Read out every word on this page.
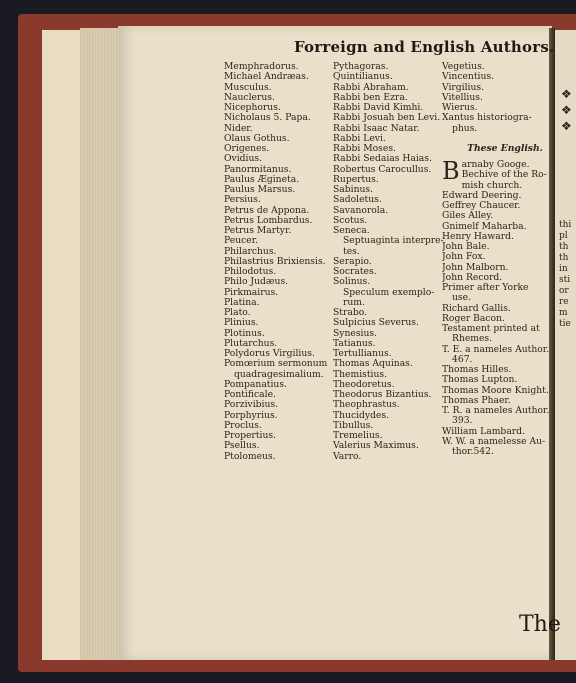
❖
❖
❖
thi
pl
th
th
in
sti
or
re
m
tie
Forreign and English Authors.
Memphradorus.
Michael Andræas.
Musculus.
Nauclerus.
Nicephorus.
Nicholaus 5. Papa.
Nider.
Olaus Gothus.
Origenes.
Ovidius.
Panormitanus.
Paulus Ægineta.
Paulus Marsus.
Persius.
Petrus de Appona.
Petrus Lombardus.
Petrus Martyr.
Peucer.
Philarchus.
Philastrius Brixiensis.
Philodotus.
Philo Judæus.
Pirkmairus.
Platina.
Plato.
Plinius.
Plotinus.
Plutarchus.
Polydorus Virgilius.
Pomœrium sermonum
quadragesimalium.
Pompanatius.
Pontificale.
Porzivibius.
Porphyrius.
Proclus.
Propertius.
Psellus.
Ptolomeus.
Pythagoras.
Quintilianus.
Rabbi Abraham.
Rabbi ben Ezra.
Rabbi David Kimhi.
Rabbi Josuah ben Levi.
Rabbi Isaac Natar.
Rabbi Levi.
Rabbi Moses.
Rabbi Sedaias Haias.
Robertus Carocullus.
Rupertus.
Sabinus.
Sadoletus.
Savanorola.
Scotus.
Seneca.
Septuaginta interpre-
tes.
Serapio.
Socrates.
Solinus.
Speculum exemplo-
rum.
Strabo.
Sulpicius Severus.
Synesius.
Tatianus.
Tertullianus.
Thomas Aquinas.
Themistius.
Theodoretus.
Theodorus Bizantius.
Theophrastus.
Thucidydes.
Tibullus.
Tremelius.
Valerius Maximus.
Varro.
Vegetius.
Vincentius.
Virgilius.
Vitellius.
Wierus.
Xantus historiogra-
phus.
These English.
B arnaby Googe.
Bechive of the Ro-
mish church.
Edward Deering.
Geffrey Chaucer.
Giles Alley.
Gnimelf Maharba.
Henry Haward.
John Bale.
John Fox.
John Malborn.
John Record.
Primer after Yorke
use.
Richard Gallis.
Roger Bacon.
Testament printed at
Rhemes.
T. E. a nameles Author.
467.
Thomas Hilles.
Thomas Lupton.
Thomas Moore Knight.
Thomas Phaer.
T. R. a nameles Author.
393.
William Lambard.
W. W. a namelesse Au-
thor.542.
The
